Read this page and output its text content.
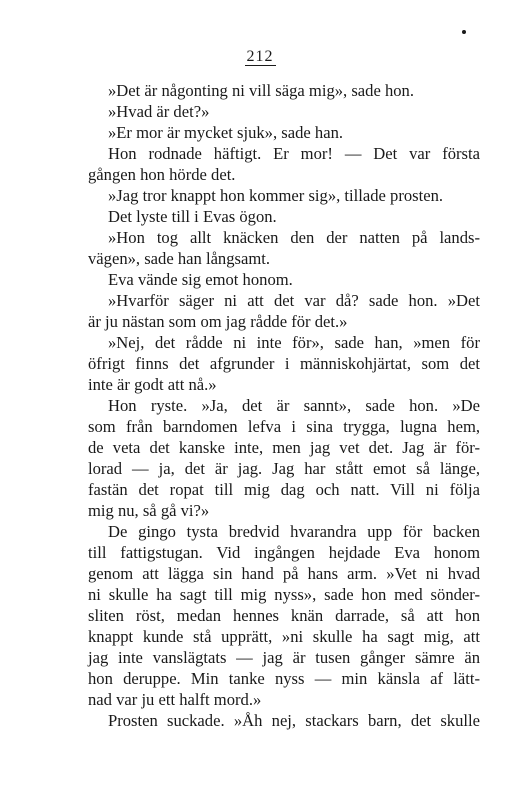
212
»Det är någonting ni vill säga mig», sade hon.
»Hvad är det?»
»Er mor är mycket sjuk», sade han.
Hon rodnade häftigt. Er mor! — Det var första
gången hon hörde det.
»Jag tror knappt hon kommer sig», tillade prosten.
Det lyste till i Evas ögon.
»Hon tog allt knäcken den der natten på lands-
vägen», sade han långsamt.
Eva vände sig emot honom.
»Hvarför säger ni att det var då? sade hon. »Det
är ju nästan som om jag rådde för det.»
»Nej, det rådde ni inte för», sade han, »men för
öfrigt finns det afgrunder i människohjärtat, som det
inte är godt att nå.»
Hon ryste. »Ja, det är sannt», sade hon. »De
som från barndomen lefva i sina trygga, lugna hem,
de veta det kanske inte, men jag vet det. Jag är för-
lorad — ja, det är jag. Jag har stått emot så länge,
fastän det ropat till mig dag och natt. Vill ni följa
mig nu, så gå vi?»
De gingo tysta bredvid hvarandra upp för backen
till fattigstugan. Vid ingången hejdade Eva honom
genom att lägga sin hand på hans arm. »Vet ni hvad
ni skulle ha sagt till mig nyss», sade hon med sönder-
sliten röst, medan hennes knän darrade, så att hon
knappt kunde stå upprätt, »ni skulle ha sagt mig, att
jag inte vanslägtats — jag är tusen gånger sämre än
hon deruppe. Min tanke nyss — min känsla af lätt-
nad var ju ett halft mord.»
Prosten suckade. »Åh nej, stackars barn, det skulle
